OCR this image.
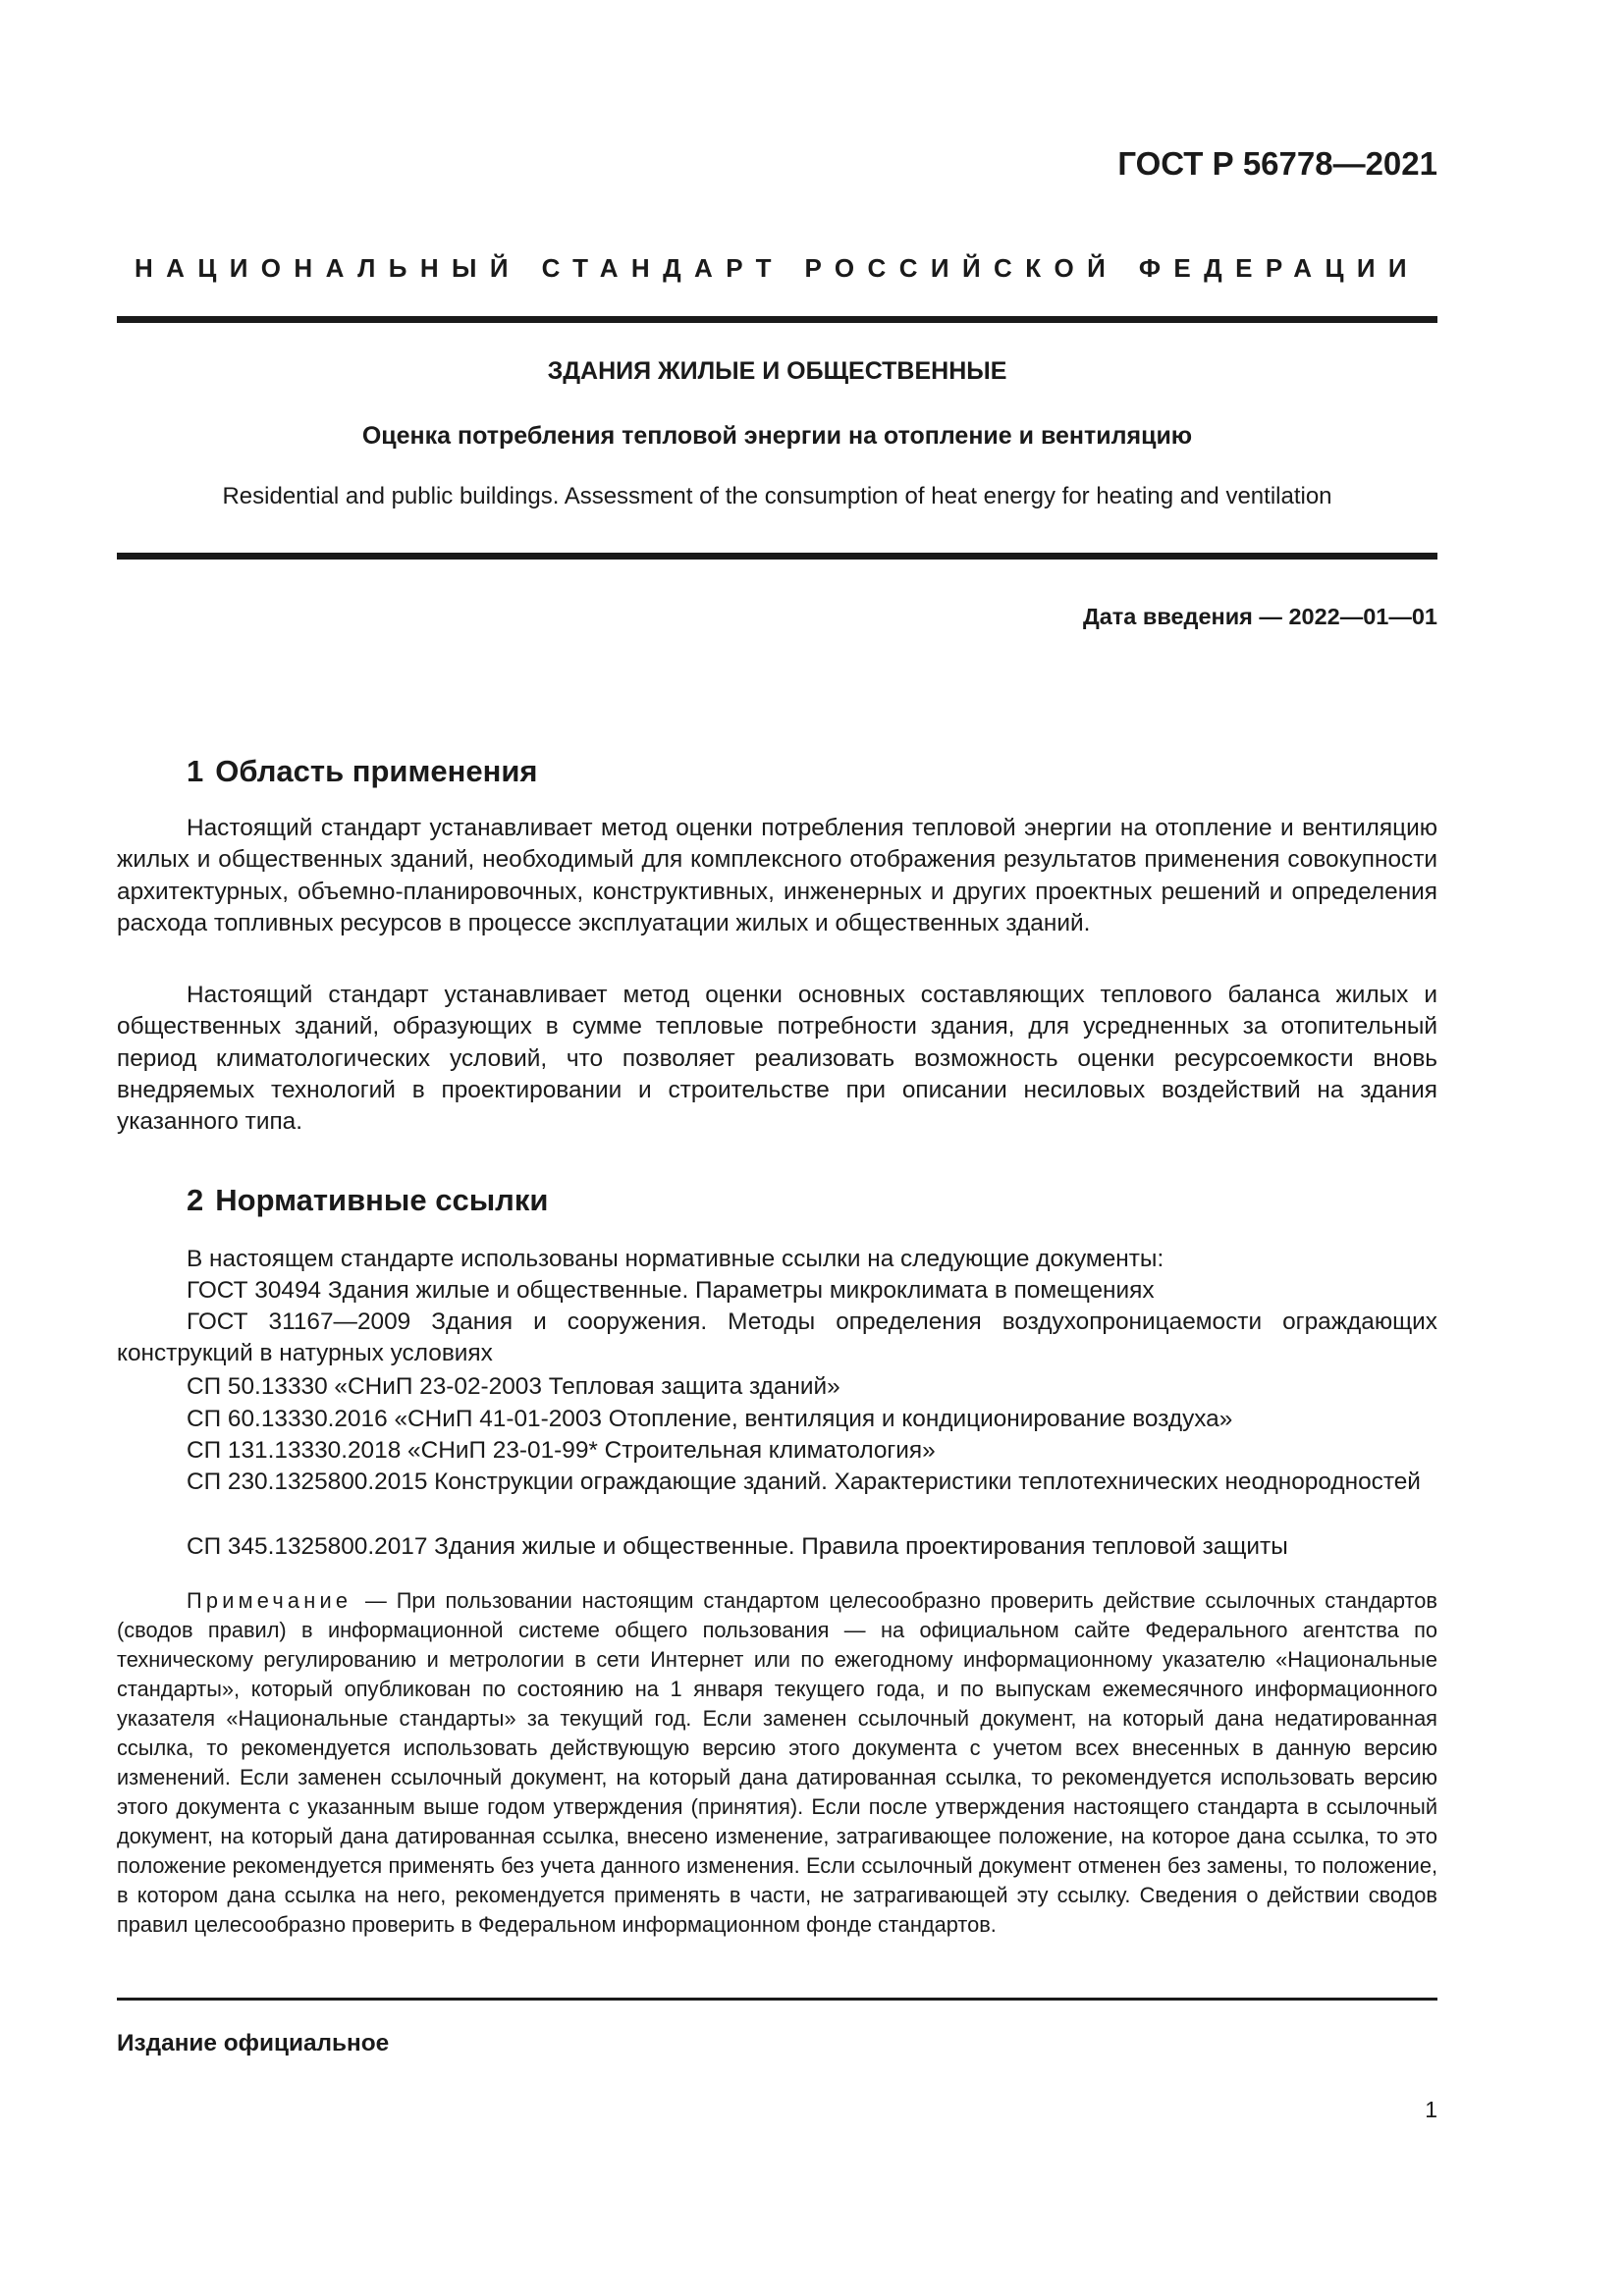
ГОСТ Р 56778—2021
НАЦИОНАЛЬНЫЙ СТАНДАРТ РОССИЙСКОЙ ФЕДЕРАЦИИ
ЗДАНИЯ ЖИЛЫЕ И ОБЩЕСТВЕННЫЕ
Оценка потребления тепловой энергии на отопление и вентиляцию
Residential and public buildings. Assessment of the consumption of heat energy for heating and ventilation
Дата введения — 2022—01—01
1 Область применения

Настоящий стандарт устанавливает метод оценки потребления тепловой энергии на отопление и вентиляцию жилых и общественных зданий, необходимый для комплексного отображения результатов применения совокупности архитектурных, объемно-планировочных, конструктивных, инженерных и других проектных решений и определения расхода топливных ресурсов в процессе эксплуатации жилых и общественных зданий.

Настоящий стандарт устанавливает метод оценки основных составляющих теплового баланса жилых и общественных зданий, образующих в сумме тепловые потребности здания, для усредненных за отопительный период климатологических условий, что позволяет реализовать возможность оценки ресурсоемкости вновь внедряемых технологий в проектировании и строительстве при описании несиловых воздействий на здания указанного типа.

2 Нормативные ссылки

В настоящем стандарте использованы нормативные ссылки на следующие документы:

ГОСТ 30494 Здания жилые и общественные. Параметры микроклимата в помещениях

ГОСТ 31167—2009 Здания и сооружения. Методы определения воздухопроницаемости ограждающих конструкций в натурных условиях

СП 50.13330 «СНиП 23-02-2003 Тепловая защита зданий»

СП 60.13330.2016 «СНиП 41-01-2003 Отопление, вентиляция и кондиционирование воздуха»

СП 131.13330.2018 «СНиП 23-01-99* Строительная климатология»

СП 230.1325800.2015 Конструкции ограждающие зданий. Характеристики теплотехнических неоднородностей

СП 345.1325800.2017 Здания жилые и общественные. Правила проектирования тепловой защиты

Примечание — При пользовании настоящим стандартом целесообразно проверить действие ссылочных стандартов (сводов правил) в информационной системе общего пользования — на официальном сайте Федерального агентства по техническому регулированию и метрологии в сети Интернет или по ежегодному информационному указателю «Национальные стандарты», который опубликован по состоянию на 1 января текущего года, и по выпускам ежемесячного информационного указателя «Национальные стандарты» за текущий год. Если заменен ссылочный документ, на который дана недатированная ссылка, то рекомендуется использовать действующую версию этого документа с учетом всех внесенных в данную версию изменений. Если заменен ссылочный документ, на который дана датированная ссылка, то рекомендуется использовать версию этого документа с указанным выше годом утверждения (принятия). Если после утверждения настоящего стандарта в ссылочный документ, на который дана датированная ссылка, внесено изменение, затрагивающее положение, на которое дана ссылка, то это положение рекомендуется применять без учета данного изменения. Если ссылочный документ отменен без замены, то положение, в котором дана ссылка на него, рекомендуется применять в части, не затрагивающей эту ссылку. Сведения о действии сводов правил целесообразно проверить в Федеральном информационном фонде стандартов.

Издание официальное
1
